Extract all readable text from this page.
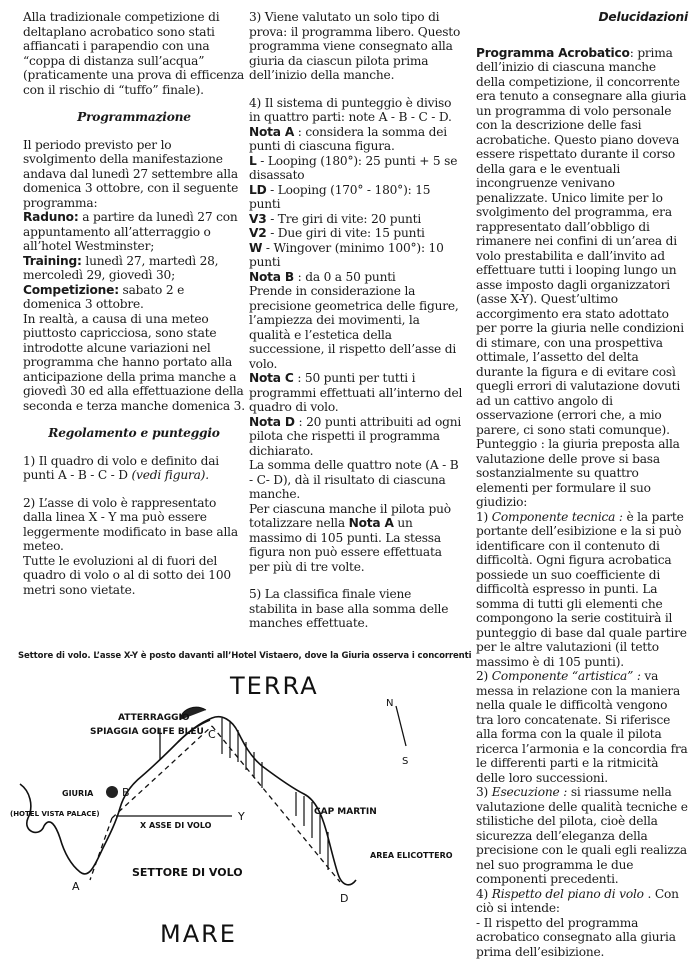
Alla tradizionale competizione di deltaplano acrobatico sono stati affiancati i parapendio con una “coppa di distanza sull’acqua” (praticamente una prova di efficenza con il rischio di “tuffo” finale).

Programmazione

Il periodo previsto per lo svolgimento della manifestazione andava dal lunedì 27 settembre alla domenica 3 ottobre, con il seguente programma:

Raduno: a partire da lunedì 27 con appuntamento all’atterraggio o all’hotel Westminster;

Training: lunedì 27, martedì 28, mercoledì 29, giovedì 30;

Competizione: sabato 2 e domenica 3 ottobre.

In realtà, a causa di una meteo piuttosto capricciosa, sono state introdotte alcune variazioni nel programma che hanno portato alla anticipazione della prima manche a giovedì 30 ed alla effettuazione della seconda e terza manche domenica 3.

Regolamento e punteggio

1) Il quadro di volo e definito dai punti A - B - C - D (vedi figura).

2) L’asse di volo è rappresentato dalla linea X - Y ma può essere leggermente modificato in base alla meteo.

Tutte le evoluzioni al di fuori del quadro di volo o al di sotto dei 100 metri sono vietate.

3) Viene valutato un solo tipo di prova: il programma libero. Questo programma viene consegnato alla giuria da ciascun pilota prima dell’inizio della manche.

4) Il sistema di punteggio è diviso in quattro parti: note A - B - C - D.

Nota A : considera la somma dei punti di ciascuna figura.

L - Looping (180°): 25 punti + 5 se disassato

LD - Looping (170° - 180°): 15 punti

V3 - Tre giri di vite: 20 punti

V2 - Due giri di vite: 15 punti

W - Wingover (minimo 100°): 10 punti

Nota B : da 0 a 50 punti

Prende in considerazione la precisione geometrica delle figure, l’ampiezza dei movimenti, la qualità e l’estetica della successione, il rispetto dell’asse di volo.

Nota C : 50 punti per tutti i programmi effettuati all’interno del quadro di volo.

Nota D : 20 punti attribuiti ad ogni pilota che rispetti il programma dichiarato.

La somma delle quattro note (A - B - C- D), dà il risultato di ciascuna manche.

Per ciascuna manche il pilota può totalizzare nella Nota A un massimo di 105 punti. La stessa figura non può essere effettuata per più di tre volte.

5) La classifica finale viene stabilita in base alla somma delle manches effettuate.

Delucidazioni

Programma Acrobatico: prima dell’inizio di ciascuna manche della competizione, il concorrente era tenuto a consegnare alla giuria un programma di volo personale con la descrizione delle fasi acrobatiche. Questo piano doveva essere rispettato durante il corso della gara e le eventuali incongruenze venivano penalizzate. Unico limite per lo svolgimento del programma, era rappresentato dall’obbligo di rimanere nei confini di un’area di volo prestabilita e dall’invito ad effettuare tutti i looping lungo un asse imposto dagli organizzatori (asse X-Y). Quest’ultimo accorgimento era stato adottato per porre la giuria nelle condizioni di stimare, con una prospettiva ottimale, l’assetto del delta durante la figura e di evitare così quegli errori di valutazione dovuti ad un cattivo angolo di osservazione (errori che, a mio parere, ci sono stati comunque).

Punteggio : la giuria preposta alla valutazione delle prove si basa sostanzialmente su quattro elementi per formulare il suo giudizio:

1) Componente tecnica : è la parte portante dell’esibizione e la si può identificare con il contenuto di difficoltà. Ogni figura acrobatica possiede un suo coefficiente di difficoltà espresso in punti. La somma di tutti gli elementi che compongono la serie costituirà il punteggio di base dal quale partire per le altre valutazioni (il tetto massimo è di 105 punti).

2) Componente “artistica” : va messa in relazione con la maniera nella quale le difficoltà vengono tra loro concatenate. Si riferisce alla forma con la quale il pilota ricerca l’armonia e la concordia fra le differenti parti e la ritmicità delle loro successioni.

3) Esecuzione : si riassume nella valutazione delle qualità tecniche e stilistiche del pilota, cioè della sicurezza dell’eleganza della precisione con le quali egli realizza nel suo programma le due componenti precedenti.

4) Rispetto del piano di volo . Con ciò si intende:

- Il rispetto del programma acrobatico consegnato alla giuria prima dell’esibizione.

Settore di volo. L’asse X-Y è posto davanti all’Hotel Vistaero, dove la Giuria osserva i concorrenti
TERRA
MARE
ATTERRAGGIO
SPIAGGIA GOLFE BLEU
GIURIA
(HOTEL VISTA PALACE)
X ASSE DI VOLO
CAP MARTIN
SETTORE DI VOLO
AREA ELICOTTERO
A
B
C
D
Y
N
S
